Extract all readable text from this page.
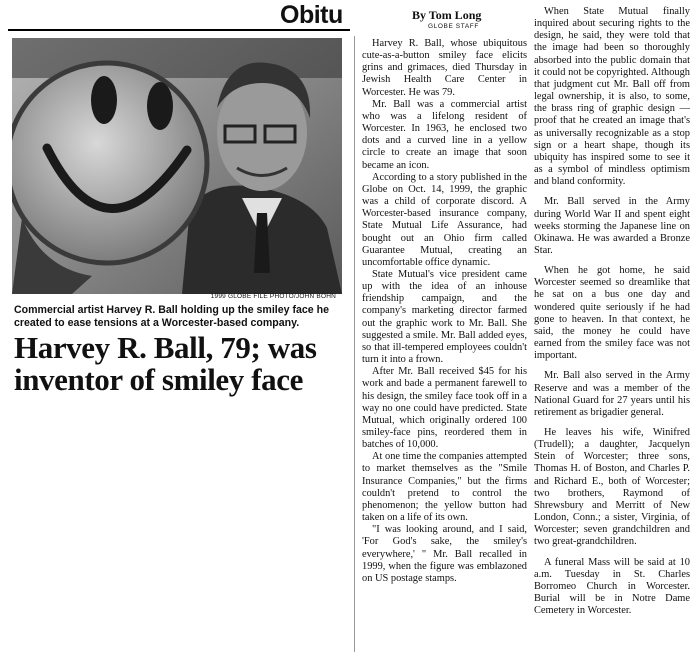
Obitu
1999 GLOBE FILE PHOTO/JOHN BOHN
Commercial artist Harvey R. Ball holding up the smiley face he created to ease tensions at a Worcester-based company.
Harvey R. Ball, 79; was inventor of smiley face
By Tom Long
GLOBE STAFF

Harvey R. Ball, whose ubiquitous cute-as-a-button smiley face elicits grins and grimaces, died Thursday in Jewish Health Care Center in Worcester. He was 79.

Mr. Ball was a commercial artist who was a lifelong resident of Worcester. In 1963, he enclosed two dots and a curved line in a yellow circle to create an image that soon became an icon.

According to a story published in the Globe on Oct. 14, 1999, the graphic was a child of corporate discord. A Worcester-based insurance company, State Mutual Life Assurance, had bought out an Ohio firm called Guarantee Mutual, creating an uncomfortable office dynamic.

State Mutual's vice president came up with the idea of an inhouse friendship campaign, and the company's marketing director farmed out the graphic work to Mr. Ball. She suggested a smile. Mr. Ball added eyes, so that ill-tempered employees couldn't turn it into a frown.

After Mr. Ball received $45 for his work and bade a permanent farewell to his design, the smiley face took off in a way no one could have predicted. State Mutual, which originally ordered 100 smiley-face pins, reordered them in batches of 10,000.

At one time the companies attempted to market themselves as the "Smile Insurance Companies," but the firms couldn't pretend to control the phenomenon; the yellow button had taken on a life of its own.

"I was looking around, and I said, 'For God's sake, the smiley's everywhere,' " Mr. Ball recalled in 1999, when the figure was emblazoned on US postage stamps.

When State Mutual finally inquired about securing rights to the design, he said, they were told that the image had been so thoroughly absorbed into the public domain that it could not be copyrighted. Although that judgment cut Mr. Ball off from legal ownership, it is also, to some, the brass ring of graphic design — proof that he created an image that's as universally recognizable as a stop sign or a heart shape, though its ubiquity has inspired some to see it as a symbol of mindless optimism and bland conformity.

Mr. Ball served in the Army during World War II and spent eight weeks storming the Japanese line on Okinawa. He was awarded a Bronze Star.

When he got home, he said Worcester seemed so dreamlike that he sat on a bus one day and wondered quite seriously if he had gone to heaven. In that context, he said, the money he could have earned from the smiley face was not important.

Mr. Ball also served in the Army Reserve and was a member of the National Guard for 27 years until his retirement as brigadier general.

He leaves his wife, Winifred (Trudell); a daughter, Jacquelyn Stein of Worcester; three sons, Thomas H. of Boston, and Charles P. and Richard E., both of Worcester; two brothers, Raymond of Shrewsbury and Merritt of New London, Conn.; a sister, Virginia, of Worcester; seven grandchildren and two great-grandchildren.

A funeral Mass will be said at 10 a.m. Tuesday in St. Charles Borromeo Church in Worcester. Burial will be in Notre Dame Cemetery in Worcester.
